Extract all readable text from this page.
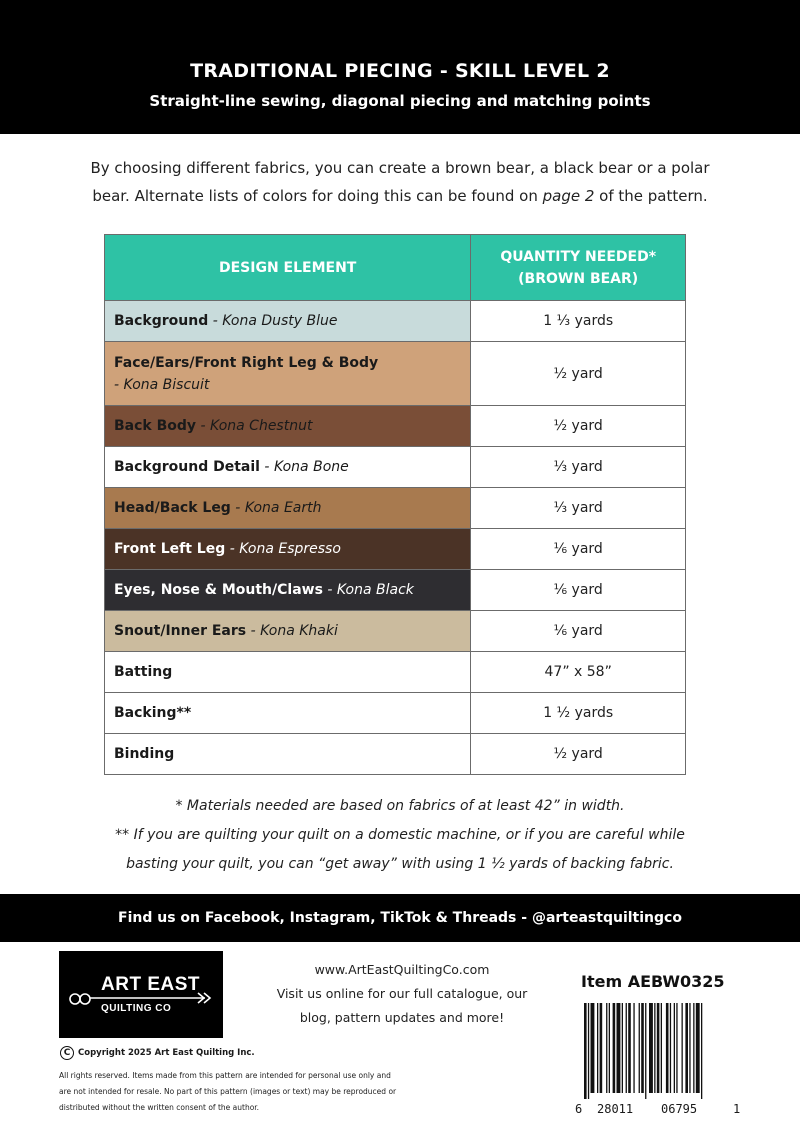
TRADITIONAL PIECING - SKILL LEVEL 2
Straight-line sewing, diagonal piecing and matching points
By choosing different fabrics, you can create a brown bear, a black bear or a polar
bear. Alternate lists of colors for doing this can be found on page 2 of the pattern.
DESIGN ELEMENT	QUANTITY NEEDED*
(BROWN BEAR)

Background - Kona Dusty Blue	1 ⅓ yards
Face/Ears/Front Right Leg & Body
- Kona Biscuit	½ yard
Back Body - Kona Chestnut	½ yard
Background Detail - Kona Bone	⅓ yard
Head/Back Leg - Kona Earth	⅓ yard
Front Left Leg - Kona Espresso	⅙ yard
Eyes, Nose & Mouth/Claws - Kona Black	⅙ yard
Snout/Inner Ears - Kona Khaki	⅙ yard
Batting	47” x 58”
Backing**	1 ½ yards
Binding	½ yard
* Materials needed are based on fabrics of at least 42” in width.
** If you are quilting your quilt on a domestic machine, or if you are careful while
basting your quilt, you can “get away” with using 1 ½ yards of backing fabric.
Find us on Facebook, Instagram, TikTok & Threads - @arteastquiltingco
ART EAST
QUILTING CO
C Copyright 2025 Art East Quilting Inc.
All rights reserved. Items made from this pattern are intended for personal use only and
are not intended for resale. No part of this pattern (images or text) may be reproduced or
distributed without the written consent of the author.
www.ArtEastQuiltingCo.com
Visit us online for our full catalogue, our
blog, pattern updates and more!
Item AEBW0325
6 28011 06795	1
